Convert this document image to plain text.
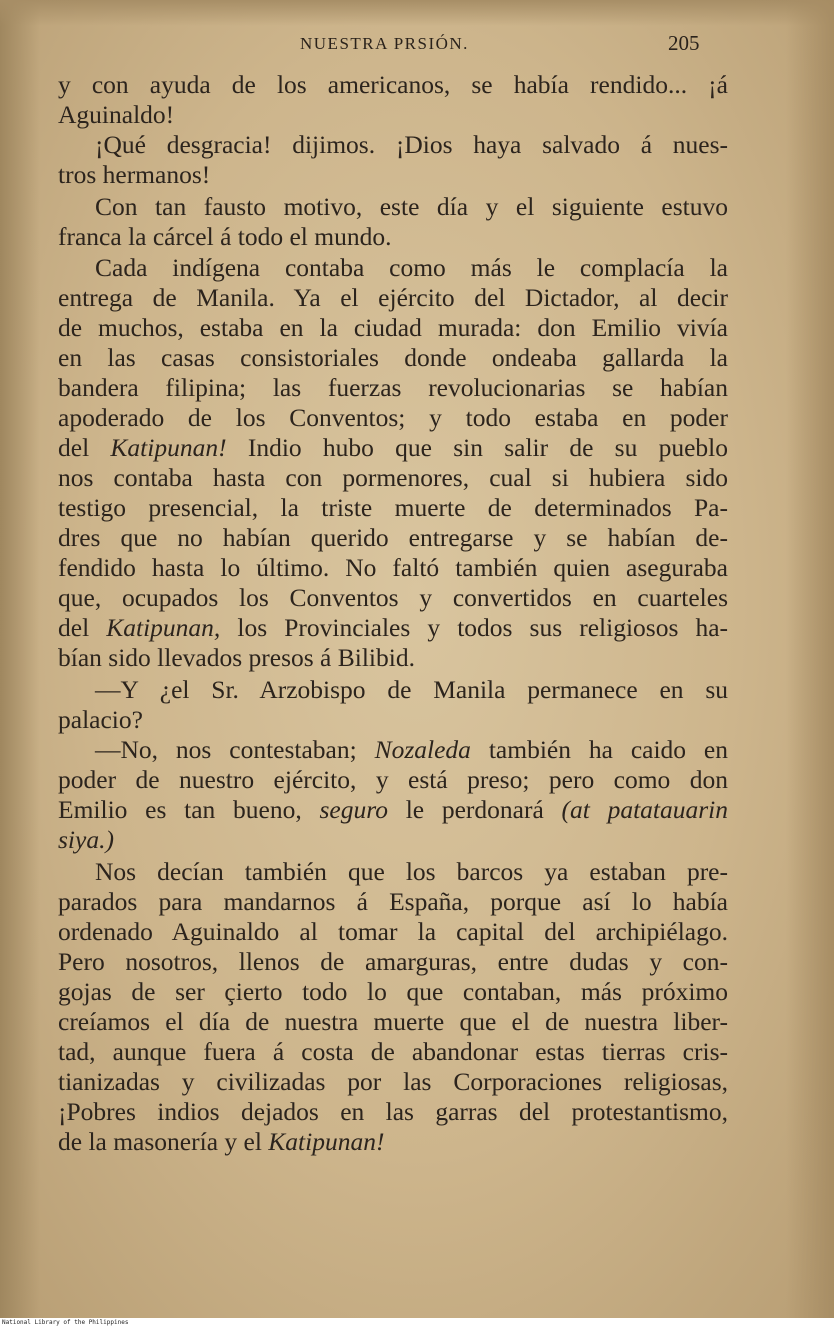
NUESTRA PRSIÓN.	205
y con ayuda de los americanos, se había rendido... ¡á
Aguinaldo!
¡Qué desgracia! dijimos. ¡Dios haya salvado á nues-
tros hermanos!
Con tan fausto motivo, este día y el siguiente estuvo
franca la cárcel á todo el mundo.
Cada indígena contaba como más le complacía la
entrega de Manila. Ya el ejército del Dictador, al decir
de muchos, estaba en la ciudad murada: don Emilio vivía
en las casas consistoriales donde ondeaba gallarda la
bandera filipina; las fuerzas revolucionarias se habían
apoderado de los Conventos; y todo estaba en poder
del Katipunan! Indio hubo que sin salir de su pueblo
nos contaba hasta con pormenores, cual si hubiera sido
testigo presencial, la triste muerte de determinados Pa-
dres que no habían querido entregarse y se habían de-
fendido hasta lo último. No faltó también quien aseguraba
que, ocupados los Conventos y convertidos en cuarteles
del Katipunan, los Provinciales y todos sus religiosos ha-
bían sido llevados presos á Bilibid.
—Y ¿el Sr. Arzobispo de Manila permanece en su
palacio?
—No, nos contestaban; Nozaleda también ha caido en
poder de nuestro ejército, y está preso; pero como don
Emilio es tan bueno, seguro le perdonará (at patatauarin
siya.)
Nos decían también que los barcos ya estaban pre-
parados para mandarnos á España, porque así lo había
ordenado Aguinaldo al tomar la capital del archipiélago.
Pero nosotros, llenos de amarguras, entre dudas y con-
gojas de ser çierto todo lo que contaban, más próximo
creíamos el día de nuestra muerte que el de nuestra liber-
tad, aunque fuera á costa de abandonar estas tierras cris-
tianizadas y civilizadas por las Corporaciones religiosas,
¡Pobres indios dejados en las garras del protestantismo,
de la masonería y el Katipunan!
National Library of the Philippines
